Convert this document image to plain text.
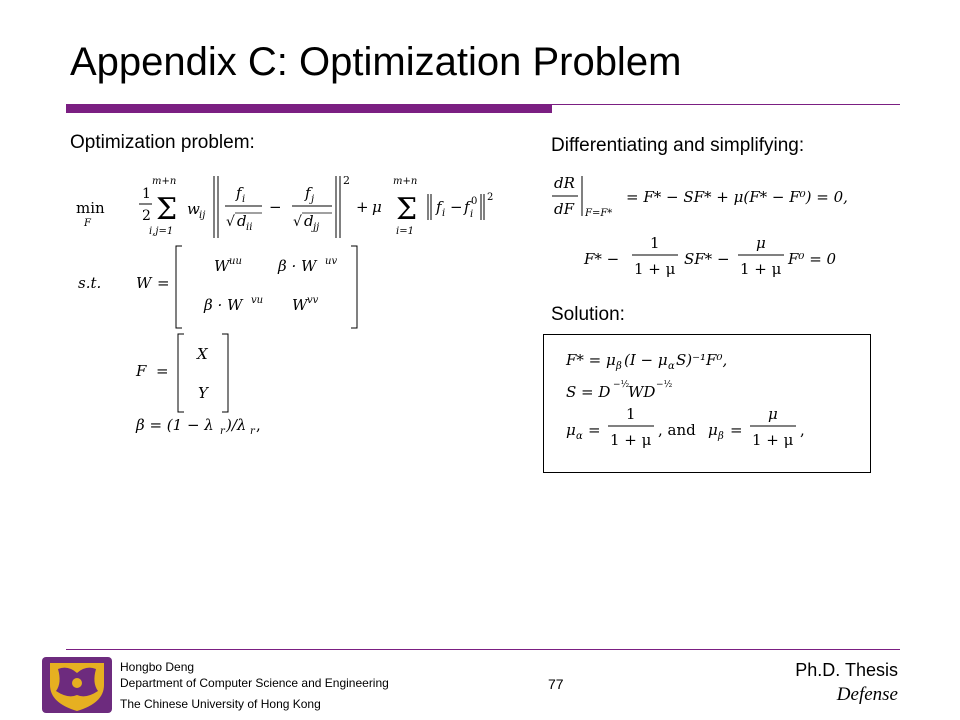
Appendix C: Optimization Problem
Optimization problem:	Differentiating and simplifying:
Solution:
min
F
1
2
m+n
Σ
i,j=1
w ij
f i
√ d ii
−
f j
√ d jj
2
+ μ
m+n
Σ
i=1
f i − f 0
i
2
s.t. W =
W uu β · W uv
β · W vu W vv
F =
X
Y
β = (1 − λ r )/λ r ,
dR
dF F=F*
= F* − SF* + μ(F* − F⁰) = 0,
F* −
1
1 + μ
SF* −
μ
1 + μ
F⁰ = 0
F* = μ β (I − μ α S)⁻¹F⁰,
S = D −½
WD −½
μ α =
1
1 + μ
, and μ β =
μ
1 + μ
,
Hongbo Deng
Department of Computer Science and Engineering
The Chinese University of Hong Kong
77
Ph.D. Thesis
Defense
